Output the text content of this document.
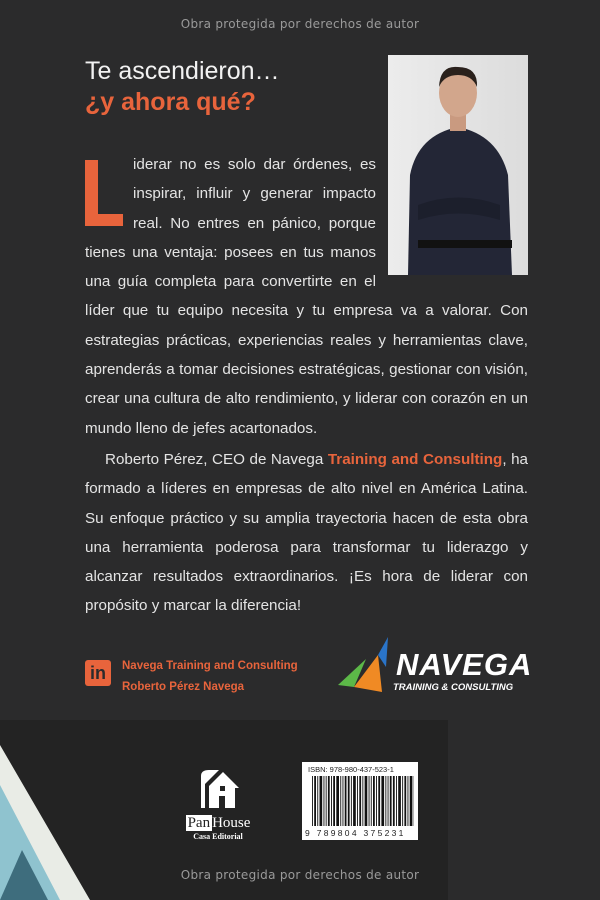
Obra protegida por derechos de autor
Te ascendieron…
¿y ahora qué?

iderar no es solo dar órdenes, es inspirar, influir y generar impacto real. No entres en pánico, porque tienes una ventaja: posees en tus manos una guía completa para convertirte en el líder que tu equipo necesita y tu empresa va a valorar. Con estrategias prácticas, experiencias reales y herramientas clave, aprenderás a tomar decisiones estratégicas, gestionar con visión, crear una cultura de alto rendimiento, y liderar con corazón en un mundo lleno de jefes acartonados.

Roberto Pérez, CEO de Navega Training and Consulting, ha formado a líderes en empresas de alto nivel en América Latina. Su enfoque práctico y su amplia trayectoria hacen de esta obra una herramienta poderosa para transformar tu liderazgo y alcanzar resultados extraordinarios. ¡Es hora de liderar con propósito y marcar la diferencia!

in	Navega Training and Consulting
Roberto Pérez Navega
NAVEGA
TRAINING & CONSULTING
Pan House
Casa Editorial
ISBN: 978-980-437-523-1
9 789804 375231
Obra protegida por derechos de autor
